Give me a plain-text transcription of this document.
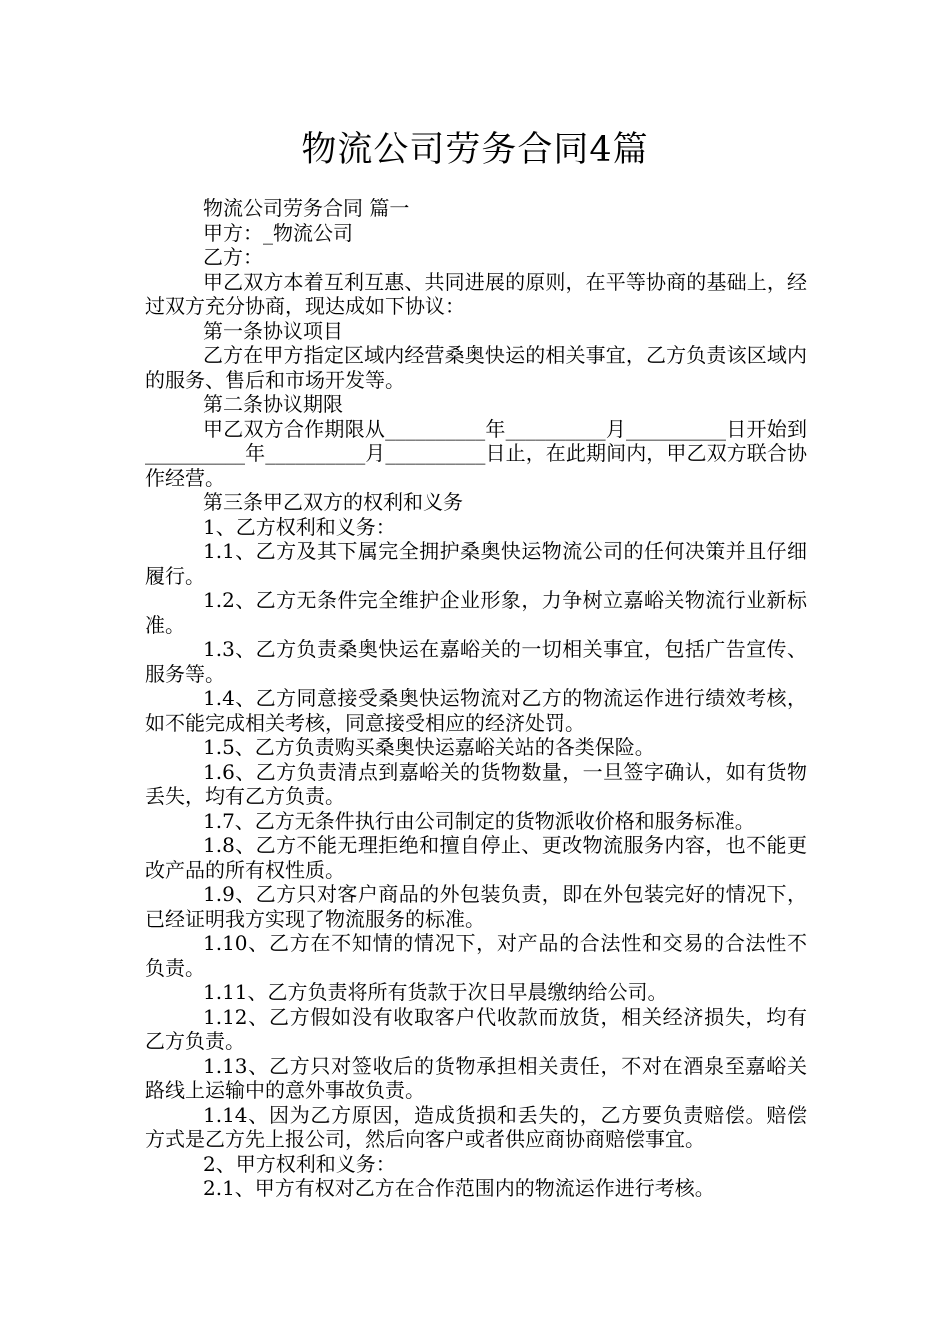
物流公司劳务合同4篇

物流公司劳务合同 篇一

甲方：_物流公司

乙方：

甲乙双方本着互利互惠、共同进展的原则，在平等协商的基础上，经过双方充分协商，现达成如下协议：

第一条协议项目

乙方在甲方指定区域内经营桑奥快运的相关事宜，乙方负责该区域内的服务、售后和市场开发等。

第二条协议期限

甲乙双方合作期限从__________年__________月__________日开始到__________年__________月__________日止，在此期间内，甲乙双方联合协作经营。

第三条甲乙双方的权利和义务

1、乙方权利和义务：

1.1、乙方及其下属完全拥护桑奥快运物流公司的任何决策并且仔细履行。

1.2、乙方无条件完全维护企业形象，力争树立嘉峪关物流行业新标准。

1.3、乙方负责桑奥快运在嘉峪关的一切相关事宜，包括广告宣传、服务等。

1.4、乙方同意接受桑奥快运物流对乙方的物流运作进行绩效考核，如不能完成相关考核，同意接受相应的经济处罚。

1.5、乙方负责购买桑奥快运嘉峪关站的各类保险。

1.6、乙方负责清点到嘉峪关的货物数量，一旦签字确认，如有货物丢失，均有乙方负责。

1.7、乙方无条件执行由公司制定的货物派收价格和服务标准。

1.8、乙方不能无理拒绝和擅自停止、更改物流服务内容，也不能更改产品的所有权性质。

1.9、乙方只对客户商品的外包装负责，即在外包装完好的情况下，已经证明我方实现了物流服务的标准。

1.10、乙方在不知情的情况下，对产品的合法性和交易的合法性不负责。

1.11、乙方负责将所有货款于次日早晨缴纳给公司。

1.12、乙方假如没有收取客户代收款而放货，相关经济损失，均有乙方负责。

1.13、乙方只对签收后的货物承担相关责任，不对在酒泉至嘉峪关路线上运输中的意外事故负责。

1.14、因为乙方原因，造成货损和丢失的，乙方要负责赔偿。赔偿方式是乙方先上报公司，然后向客户或者供应商协商赔偿事宜。

2、甲方权利和义务：

2.1、甲方有权对乙方在合作范围内的物流运作进行考核。
